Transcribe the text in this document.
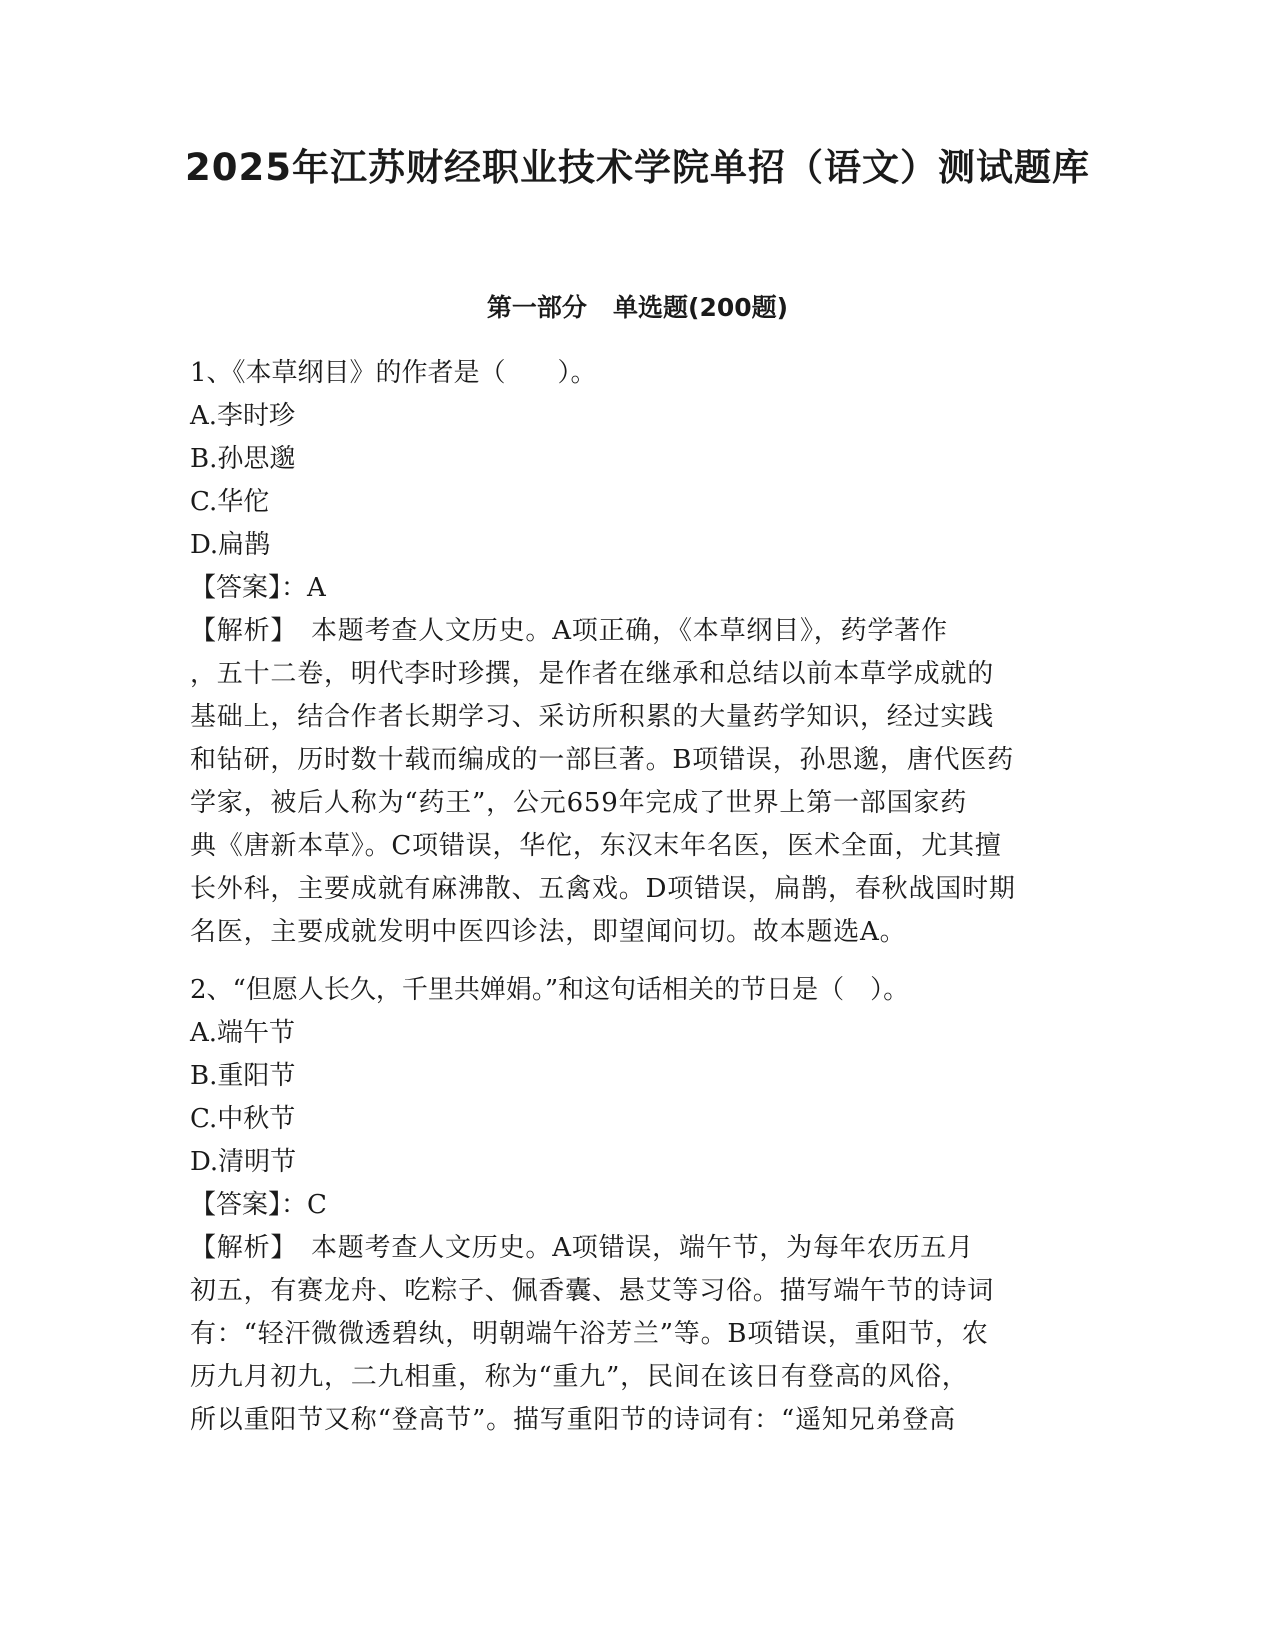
2025年江苏财经职业技术学院单招（语文）测试题库
第一部分   单选题(200题)
1、《本草纲目》的作者是（　　）。
A.李时珍
B.孙思邈
C.华佗
D.扁鹊
【答案】：A
【解析】　本题考查人文历史。A项正确，《本草纲目》，药学著作
，五十二卷，明代李时珍撰，是作者在继承和总结以前本草学成就的
基础上，结合作者长期学习、采访所积累的大量药学知识，经过实践
和钻研，历时数十载而编成的一部巨著。B项错误，孙思邈，唐代医药
学家，被后人称为“药王”，公元659年完成了世界上第一部国家药
典《唐新本草》。C项错误，华佗，东汉末年名医，医术全面，尤其擅
长外科，主要成就有麻沸散、五禽戏。D项错误，扁鹊，春秋战国时期
名医，主要成就发明中医四诊法，即望闻问切。故本题选A。
2、“但愿人长久，千里共婵娟。”和这句话相关的节日是（　）。
A.端午节
B.重阳节
C.中秋节
D.清明节
【答案】：C
【解析】　本题考查人文历史。A项错误，端午节，为每年农历五月
初五，有赛龙舟、吃粽子、佩香囊、悬艾等习俗。描写端午节的诗词
有：“轻汗微微透碧纨，明朝端午浴芳兰”等。B项错误，重阳节，农
历九月初九，二九相重，称为“重九”，民间在该日有登高的风俗，
所以重阳节又称“登高节”。描写重阳节的诗词有：“遥知兄弟登高
